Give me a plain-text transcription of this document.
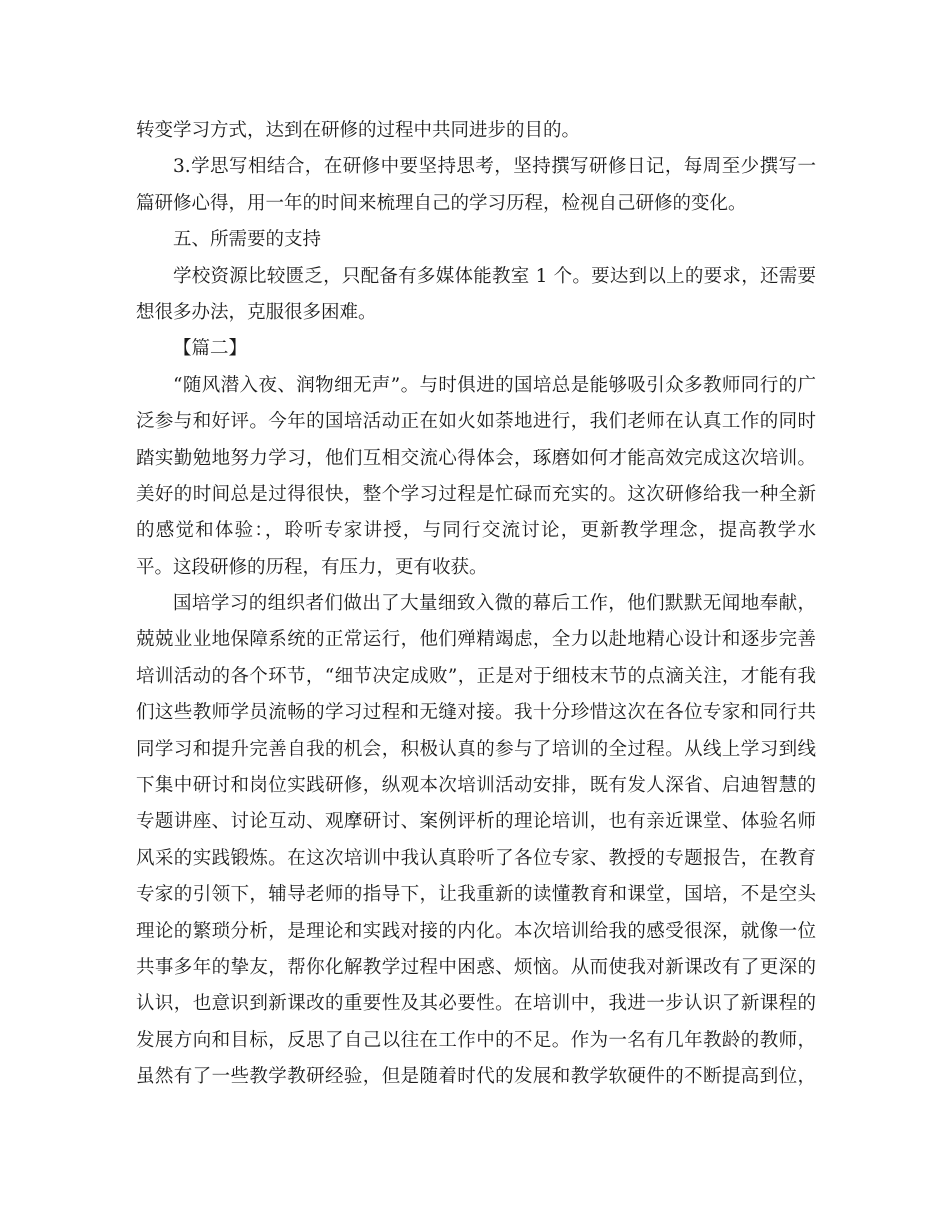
转变学习方式，达到在研修的过程中共同进步的目的。
3.学思写相结合，在研修中要坚持思考，坚持撰写研修日记，每周至少撰写一
篇研修心得，用一年的时间来梳理自己的学习历程，检视自己研修的变化。
五、所需要的支持
学校资源比较匮乏，只配备有多媒体能教室 1 个。要达到以上的要求，还需要
想很多办法，克服很多困难。
【篇二】
“随风潜入夜、润物细无声”。与时俱进的国培总是能够吸引众多教师同行的广
泛参与和好评。今年的国培活动正在如火如荼地进行，我们老师在认真工作的同时
踏实勤勉地努力学习，他们互相交流心得体会，琢磨如何才能高效完成这次培训。
美好的时间总是过得很快，整个学习过程是忙碌而充实的。这次研修给我一种全新
的感觉和体验：，聆听专家讲授，与同行交流讨论，更新教学理念，提高教学水
平。这段研修的历程，有压力，更有收获。
国培学习的组织者们做出了大量细致入微的幕后工作，他们默默无闻地奉献，
兢兢业业地保障系统的正常运行，他们殚精竭虑，全力以赴地精心设计和逐步完善
培训活动的各个环节，“细节决定成败”，正是对于细枝末节的点滴关注，才能有我
们这些教师学员流畅的学习过程和无缝对接。我十分珍惜这次在各位专家和同行共
同学习和提升完善自我的机会，积极认真的参与了培训的全过程。从线上学习到线
下集中研讨和岗位实践研修，纵观本次培训活动安排，既有发人深省、启迪智慧的
专题讲座、讨论互动、观摩研讨、案例评析的理论培训，也有亲近课堂、体验名师
风采的实践锻炼。在这次培训中我认真聆听了各位专家、教授的专题报告，在教育
专家的引领下，辅导老师的指导下，让我重新的读懂教育和课堂，国培，不是空头
理论的繁琐分析，是理论和实践对接的内化。本次培训给我的感受很深，就像一位
共事多年的挚友，帮你化解教学过程中困惑、烦恼。从而使我对新课改有了更深的
认识，也意识到新课改的重要性及其必要性。在培训中，我进一步认识了新课程的
发展方向和目标，反思了自己以往在工作中的不足。作为一名有几年教龄的教师，
虽然有了一些教学教研经验，但是随着时代的发展和教学软硬件的不断提高到位，
